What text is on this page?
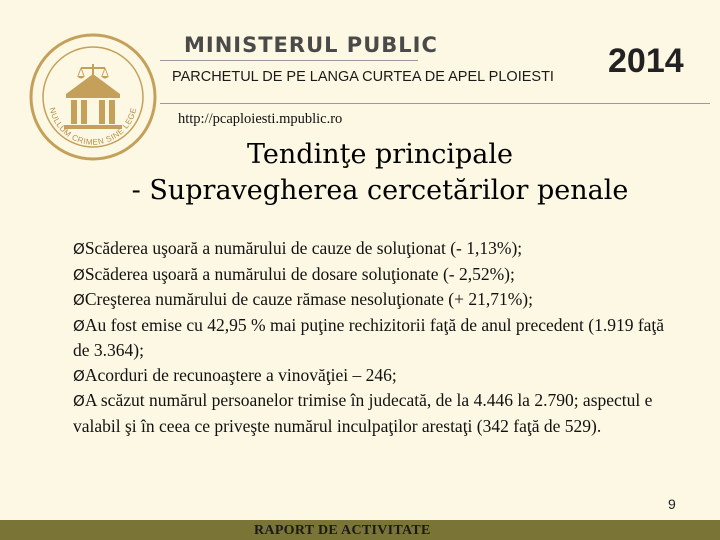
NULLUM CRIMEN SINE LEGE
MINISTERUL PUBLIC
PARCHETUL DE PE LANGA CURTEA DE APEL PLOIESTI 2014
http://pcaploiesti.mpublic.ro
Tendinţe principale
- Supravegherea cercetărilor penale
ØScăderea uşoară a numărului de cauze de soluţionat (- 1,13%);
ØScăderea uşoară a numărului de dosare soluţionate (- 2,52%);
ØCreşterea numărului de cauze rămase nesoluţionate (+ 21,71%);
ØAu fost emise cu 42,95 % mai puţine rechizitorii faţă de anul precedent (1.919 faţă de 3.364);
ØAcorduri de recunoaştere a vinovăţiei – 246;
ØA scăzut numărul persoanelor trimise în judecată, de la 4.446 la 2.790; aspectul e valabil şi în ceea ce priveşte numărul inculpaţilor arestaţi (342 faţă de 529).
9
RAPORT DE ACTIVITATE
